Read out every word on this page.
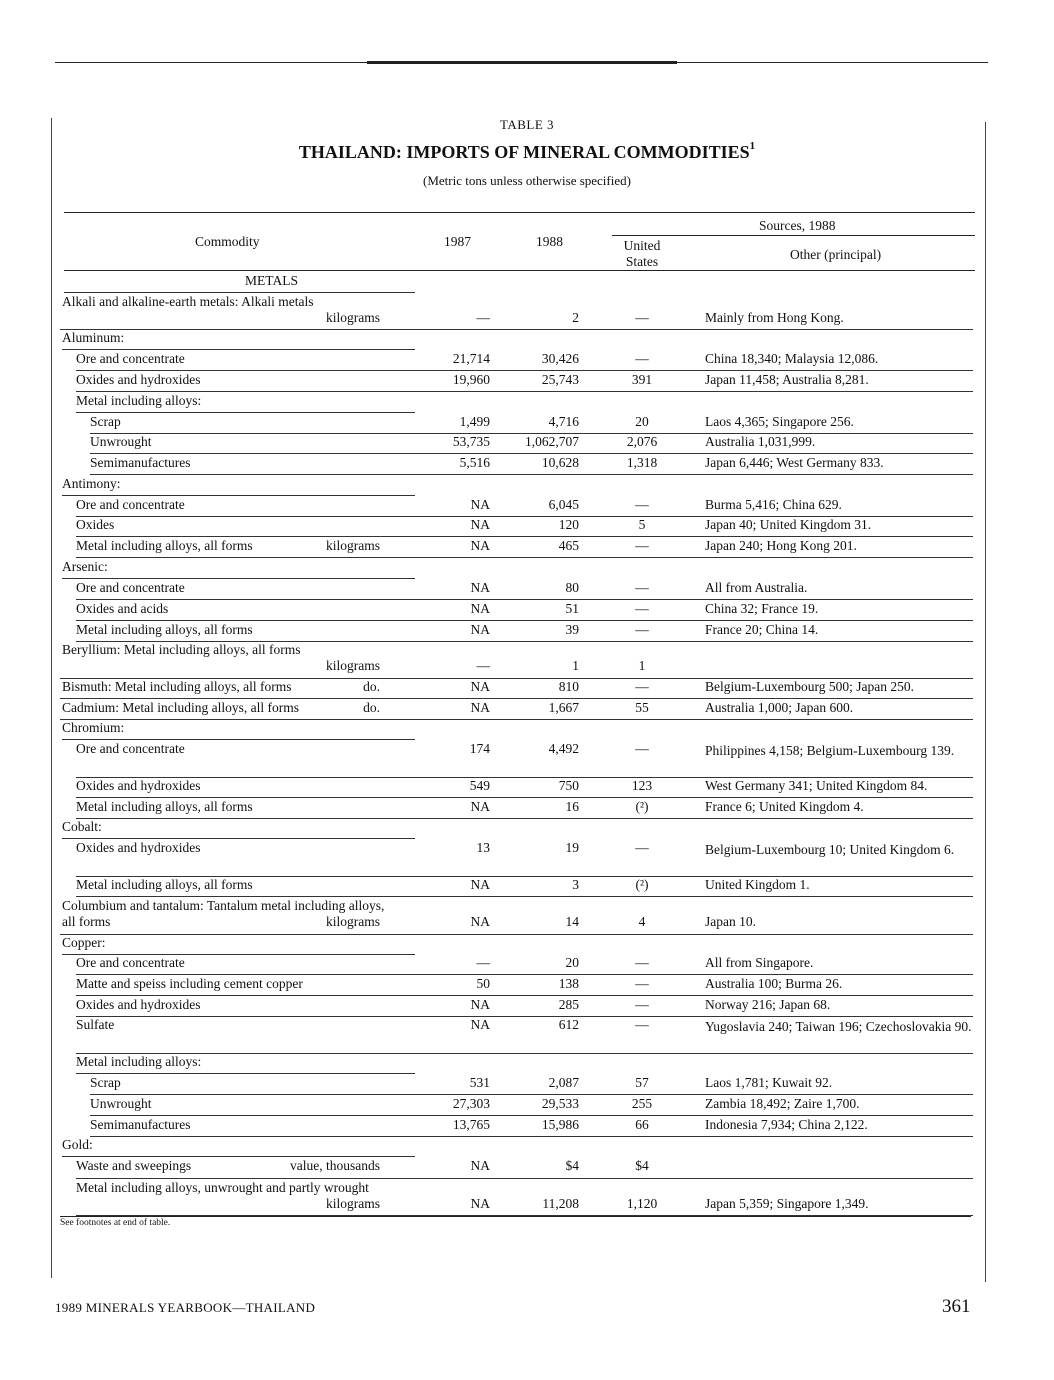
TABLE 3
THAILAND: IMPORTS OF MINERAL COMMODITIES$^1$
(Metric tons unless otherwise specified)
Commodity	1987	1988
Sources, 1988
United States	Other (principal)
METALS
Alkali and alkaline-earth metals: Alkali metals
kilograms	—	2	—	Mainly from Hong Kong.
Aluminum:
Ore and concentrate	21,714	30,426	—	China 18,340; Malaysia 12,086.
Oxides and hydroxides	19,960	25,743	391	Japan 11,458; Australia 8,281.
Metal including alloys:
Scrap	1,499	4,716	20	Laos 4,365; Singapore 256.
Unwrought	53,735	1,062,707	2,076	Australia 1,031,999.
Semimanufactures	5,516	10,628	1,318	Japan 6,446; West Germany 833.
Antimony:
Ore and concentrate	NA	6,045	—	Burma 5,416; China 629.
Oxides	NA	120	5	Japan 40; United Kingdom 31.
Metal including alloys, all forms	kilograms	NA	465	—	Japan 240; Hong Kong 201.
Arsenic:
Ore and concentrate	NA	80	—	All from Australia.
Oxides and acids	NA	51	—	China 32; France 19.
Metal including alloys, all forms	NA	39	—	France 20; China 14.
Beryllium: Metal including alloys, all forms
kilograms	—	1	1
Bismuth: Metal including alloys, all forms	do.	NA	810	—	Belgium-Luxembourg 500; Japan 250.
Cadmium: Metal including alloys, all forms	do.	NA	1,667	55	Australia 1,000; Japan 600.
Chromium:
Ore and concentrate	174	4,492	—	Philippines 4,158; Belgium-Luxembourg 139.
Oxides and hydroxides	549	750	123	West Germany 341; United Kingdom 84.
Metal including alloys, all forms	NA	16	(²)	France 6; United Kingdom 4.
Cobalt:
Oxides and hydroxides	13	19	—	Belgium-Luxembourg 10; United Kingdom 6.
Metal including alloys, all forms	NA	3	(²)	United Kingdom 1.
Columbium and tantalum: Tantalum metal including alloys, all forms	kilograms	NA	14	4	Japan 10.
Copper:
Ore and concentrate	—	20	—	All from Singapore.
Matte and speiss including cement copper	50	138	—	Australia 100; Burma 26.
Oxides and hydroxides	NA	285	—	Norway 216; Japan 68.
Sulfate	NA	612	—	Yugoslavia 240; Taiwan 196; Czechoslovakia 90.
Metal including alloys:
Scrap	531	2,087	57	Laos 1,781; Kuwait 92.
Unwrought	27,303	29,533	255	Zambia 18,492; Zaire 1,700.
Semimanufactures	13,765	15,986	66	Indonesia 7,934; China 2,122.
Gold:
Waste and sweepings	value, thousands	NA	$4	$4
Metal including alloys, unwrought and partly wrought
kilograms	NA	11,208	1,120	Japan 5,359; Singapore 1,349.
See footnotes at end of table.
1989 MINERALS YEARBOOK—THAILAND	361
